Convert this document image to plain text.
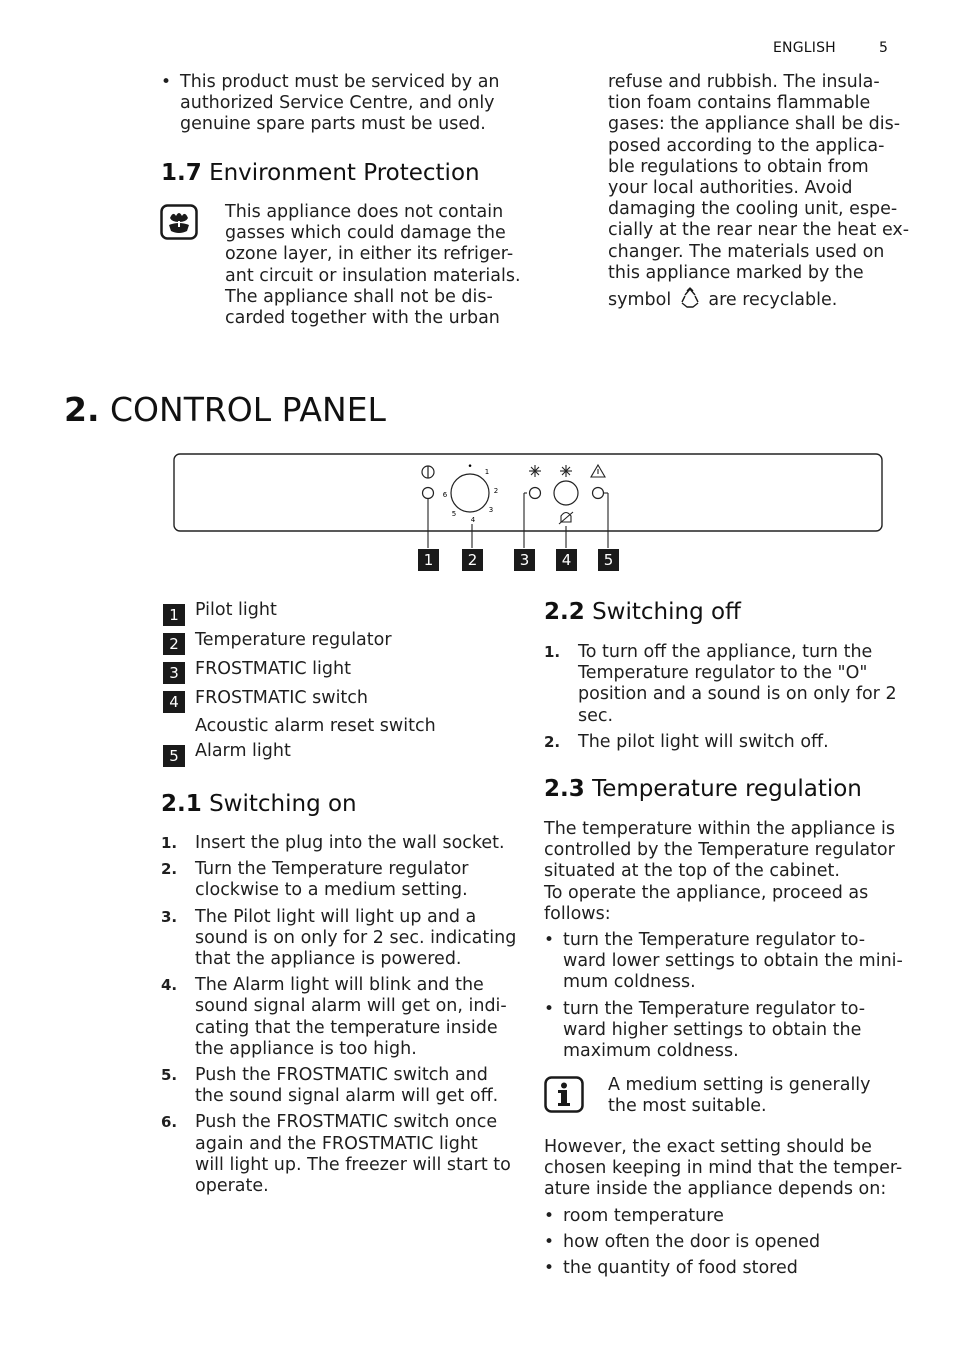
ENGLISH	5
• This product must be serviced by an
authorized Service Centre, and only
genuine spare parts must be used.
1.7 Environment Protection
This appliance does not contain
gasses which could damage the
ozone layer, in either its refriger-
ant circuit or insulation materials.
The appliance shall not be dis-
carded together with the urban
refuse and rubbish. The insula-
tion foam contains flammable
gases: the appliance shall be dis-
posed according to the applica-
ble regulations to obtain from
your local authorities. Avoid
damaging the cooling unit, espe-
cially at the rear near the heat ex-
changer. The materials used on
this appliance marked by the
symbol are recyclable.
2. CONTROL PANEL
• 1
2
3
4
5
6
1 2	3 4 5
1 Pilot light
2 Temperature regulator
3 FROSTMATIC light
4 FROSTMATIC switch
Acoustic alarm reset switch
5 Alarm light
2.1 Switching on
1. Insert the plug into the wall socket.
2. Turn the Temperature regulator
clockwise to a medium setting.
3. The Pilot light will light up and a
sound is on only for 2 sec. indicating
that the appliance is powered.
4. The Alarm light will blink and the
sound signal alarm will get on, indi-
cating that the temperature inside
the appliance is too high.
5. Push the FROSTMATIC switch and
the sound signal alarm will get off.
6. Push the FROSTMATIC switch once
again and the FROSTMATIC light
will light up. The freezer will start to
operate.
2.2 Switching off
1. To turn off the appliance, turn the
Temperature regulator to the "O"
position and a sound is on only for 2
sec.
2. The pilot light will switch off.
2.3 Temperature regulation
The temperature within the appliance is
controlled by the Temperature regulator
situated at the top of the cabinet.
To operate the appliance, proceed as
follows:
• turn the Temperature regulator to-
ward lower settings to obtain the mini-
mum coldness.
• turn the Temperature regulator to-
ward higher settings to obtain the
maximum coldness.
A medium setting is generally
the most suitable.
However, the exact setting should be
chosen keeping in mind that the temper-
ature inside the appliance depends on:
• room temperature
• how often the door is opened
• the quantity of food stored
